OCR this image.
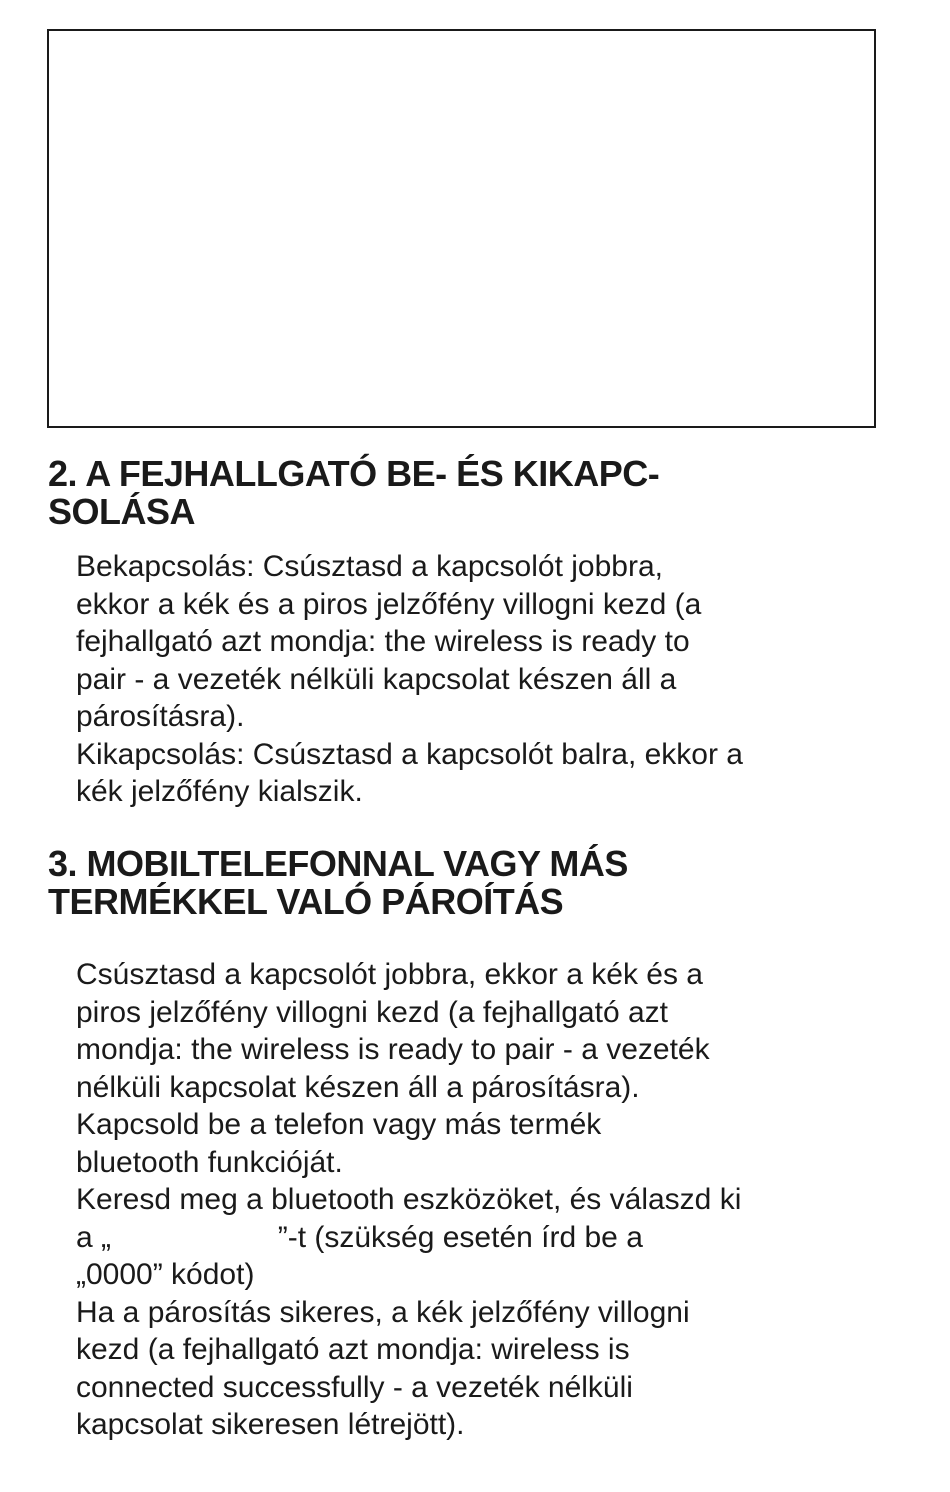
2. A FEJHALLGATÓ BE- ÉS KIKAPC-
SOLÁSA
Bekapcsolás: Csúsztasd a kapcsolót jobbra,
ekkor a kék és a piros jelzőfény villogni kezd (a
fejhallgató azt mondja: the wireless is ready to
pair - a vezeték nélküli kapcsolat készen áll a
párosításra).
Kikapcsolás: Csúsztasd a kapcsolót balra, ekkor a
kék jelzőfény kialszik.
3. MOBILTELEFONNAL VAGY MÁS
TERMÉKKEL VALÓ PÁROÍTÁS
Csúsztasd a kapcsolót jobbra, ekkor a kék és a
piros jelzőfény villogni kezd (a fejhallgató azt
mondja: the wireless is ready to pair - a vezeték
nélküli kapcsolat készen áll a párosításra).
Kapcsold be a telefon vagy más termék
bluetooth funkcióját.
Keresd meg a bluetooth eszközöket, és válaszd ki
a „                    ”-t (szükség esetén írd be a
„0000” kódot)
Ha a párosítás sikeres, a kék jelzőfény villogni
kezd (a fejhallgató azt mondja: wireless is
connected successfully - a vezeték nélküli
kapcsolat sikeresen létrejött).
